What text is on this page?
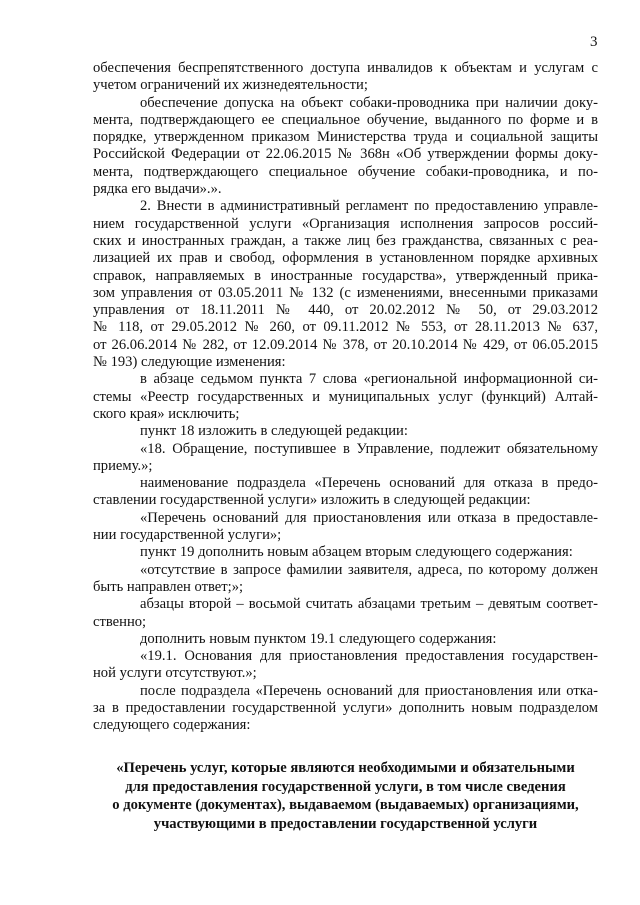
3
обеспечения беспрепятственного доступа инвалидов к объектам и услугам с
учетом ограничений их жизнедеятельности;
обеспечение допуска на объект собаки-проводника при наличии доку-
мента, подтверждающего ее специальное обучение, выданного по форме и в
порядке, утвержденном приказом Министерства труда и социальной защиты
Российской Федерации от 22.06.2015 № 368н «Об утверждении формы доку-
мента, подтверждающего специальное обучение собаки-проводника, и по-
рядка его выдачи».».
2. Внести в административный регламент по предоставлению управле-
нием государственной услуги «Организация исполнения запросов россий-
ских и иностранных граждан, а также лиц без гражданства, связанных с реа-
лизацией их прав и свобод, оформления в установленном порядке архивных
справок, направляемых в иностранные государства», утвержденный прика-
зом управления от 03.05.2011 № 132 (с изменениями, внесенными приказами
управления от 18.11.2011 № 440, от 20.02.2012 № 50, от 29.03.2012
№ 118, от 29.05.2012 № 260, от 09.11.2012 № 553, от 28.11.2013 № 637,
от 26.06.2014 № 282, от 12.09.2014 № 378, от 20.10.2014 № 429, от 06.05.2015
№ 193) следующие изменения:
в абзаце седьмом пункта 7 слова «региональной информационной си-
стемы «Реестр государственных и муниципальных услуг (функций) Алтай-
ского края» исключить;
пункт 18 изложить в следующей редакции:
«18. Обращение, поступившее в Управление, подлежит обязательному
приему.»;
наименование подраздела «Перечень оснований для отказа в предо-
ставлении государственной услуги» изложить в следующей редакции:
«Перечень оснований для приостановления или отказа в предоставле-
нии государственной услуги»;
пункт 19 дополнить новым абзацем вторым следующего содержания:
«отсутствие в запросе фамилии заявителя, адреса, по которому должен
быть направлен ответ;»;
абзацы второй – восьмой считать абзацами третьим – девятым соответ-
ственно;
дополнить новым пунктом 19.1 следующего содержания:
«19.1. Основания для приостановления предоставления государствен-
ной услуги отсутствуют.»;
после подраздела «Перечень оснований для приостановления или отка-
за в предоставлении государственной услуги» дополнить новым подразделом
следующего содержания:
«Перечень услуг, которые являются необходимыми и обязательными
для предоставления государственной услуги, в том числе сведения
о документе (документах), выдаваемом (выдаваемых) организациями,
участвующими в предоставлении государственной услуги
